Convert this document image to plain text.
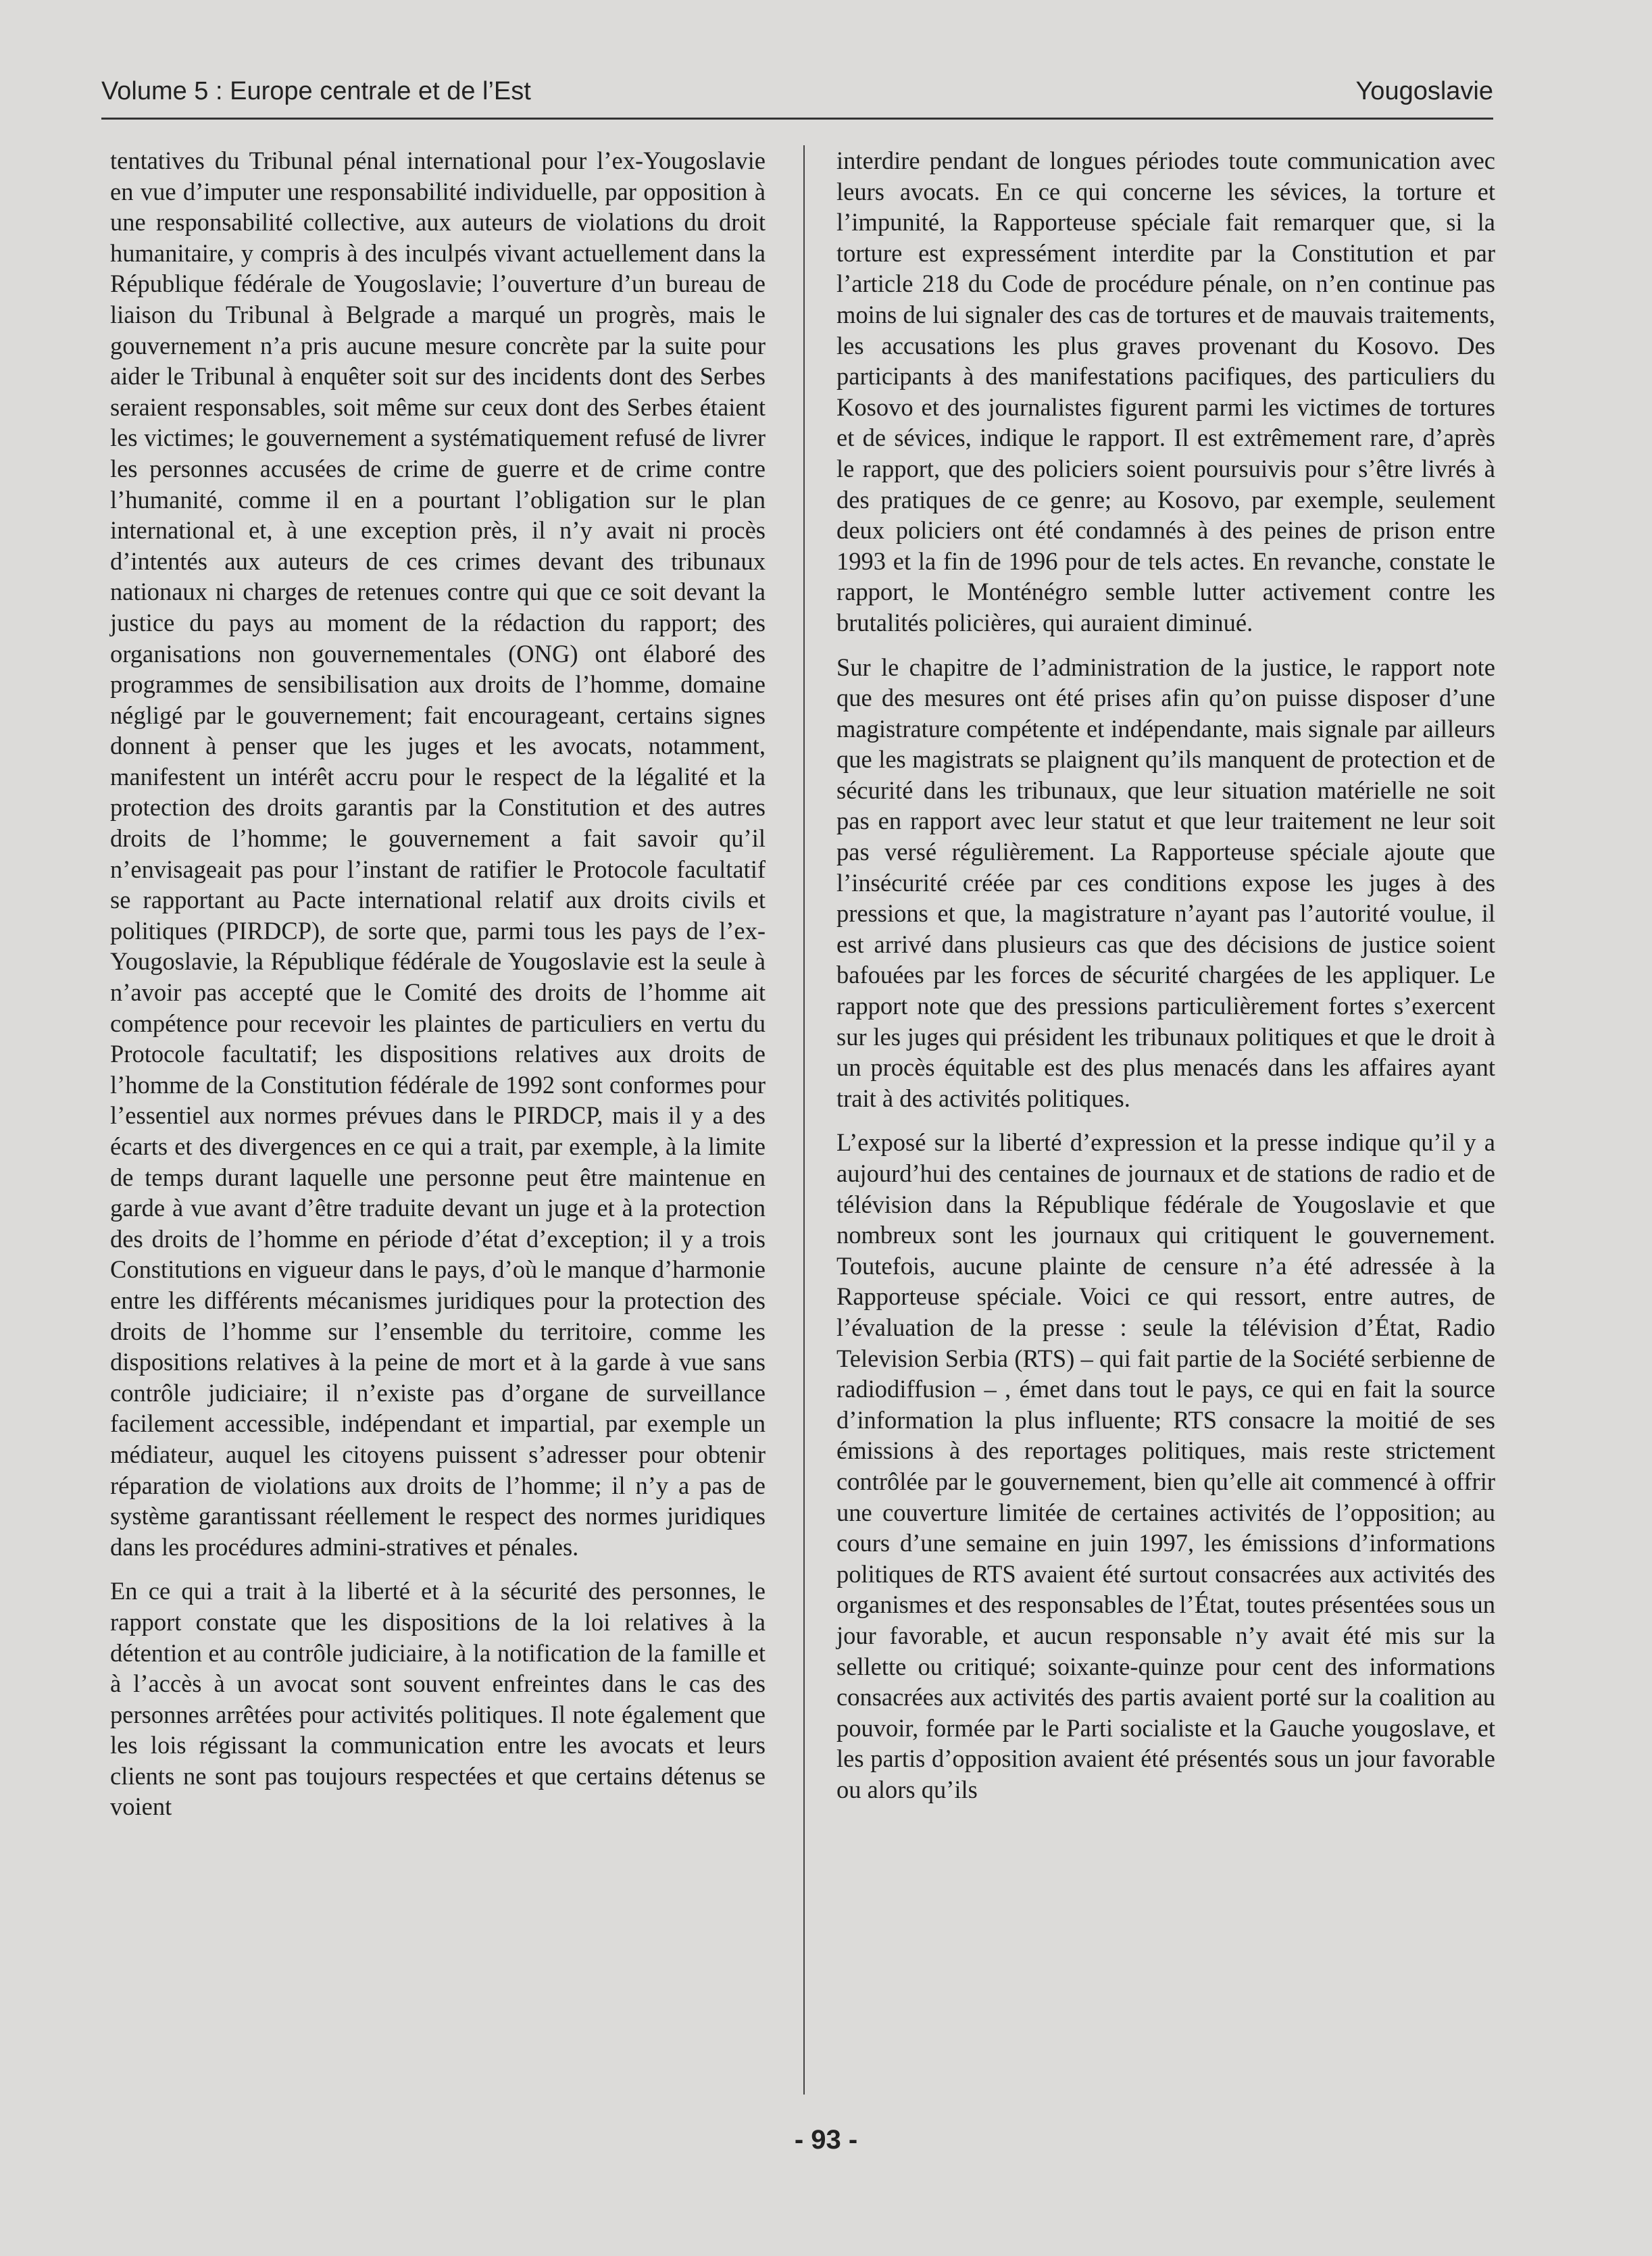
Volume 5 : Europe centrale et de l’Est	Yougoslavie

tentatives du Tribunal pénal international pour l’ex-Yougoslavie en vue d’imputer une responsabilité individuelle, par opposition à une responsabilité collective, aux auteurs de violations du droit humanitaire, y compris à des inculpés vivant actuellement dans la République fédérale de Yougoslavie; l’ouverture d’un bureau de liaison du Tribunal à Belgrade a marqué un progrès, mais le gouvernement n’a pris aucune mesure concrète par la suite pour aider le Tribunal à enquêter soit sur des incidents dont des Serbes seraient responsables, soit même sur ceux dont des Serbes étaient les victimes; le gouvernement a systématiquement refusé de livrer les personnes accusées de crime de guerre et de crime contre l’humanité, comme il en a pourtant l’obligation sur le plan international et, à une exception près, il n’y avait ni procès d’intentés aux auteurs de ces crimes devant des tribunaux nationaux ni charges de retenues contre qui que ce soit devant la justice du pays au moment de la rédaction du rapport; des organisations non gouvernementales (ONG) ont élaboré des programmes de sensibilisation aux droits de l’homme, domaine négligé par le gouvernement; fait encourageant, certains signes donnent à penser que les juges et les avocats, notamment, manifestent un intérêt accru pour le respect de la légalité et la protection des droits garantis par la Constitution et des autres droits de l’homme; le gouvernement a fait savoir qu’il n’envisageait pas pour l’instant de ratifier le Protocole facultatif se rapportant au Pacte international relatif aux droits civils et politiques (PIRDCP), de sorte que, parmi tous les pays de l’ex-Yougoslavie, la République fédérale de Yougoslavie est la seule à n’avoir pas accepté que le Comité des droits de l’homme ait compétence pour recevoir les plaintes de particuliers en vertu du Protocole facultatif; les dispositions relatives aux droits de l’homme de la Constitution fédérale de 1992 sont conformes pour l’essentiel aux normes prévues dans le PIRDCP, mais il y a des écarts et des divergences en ce qui a trait, par exemple, à la limite de temps durant laquelle une personne peut être maintenue en garde à vue avant d’être traduite devant un juge et à la protection des droits de l’homme en période d’état d’exception; il y a trois Constitutions en vigueur dans le pays, d’où le manque d’harmonie entre les différents mécanismes juridiques pour la protection des droits de l’homme sur l’ensemble du territoire, comme les dispositions relatives à la peine de mort et à la garde à vue sans contrôle judiciaire; il n’existe pas d’organe de surveillance facilement accessible, indépendant et impartial, par exemple un médiateur, auquel les citoyens puissent s’adresser pour obtenir réparation de violations aux droits de l’homme; il n’y a pas de système garantissant réellement le respect des normes juridiques dans les procédures admini-stratives et pénales.

En ce qui a trait à la liberté et à la sécurité des personnes, le rapport constate que les dispositions de la loi relatives à la détention et au contrôle judiciaire, à la notification de la famille et à l’accès à un avocat sont souvent enfreintes dans le cas des personnes arrêtées pour activités politiques. Il note également que les lois régissant la communication entre les avocats et leurs clients ne sont pas toujours respectées et que certains détenus se voient

interdire pendant de longues périodes toute communication avec leurs avocats. En ce qui concerne les sévices, la torture et l’impunité, la Rapporteuse spéciale fait remarquer que, si la torture est expressément interdite par la Constitution et par l’article 218 du Code de procédure pénale, on n’en continue pas moins de lui signaler des cas de tortures et de mauvais traitements, les accusations les plus graves provenant du Kosovo. Des participants à des manifestations pacifiques, des particuliers du Kosovo et des journalistes figurent parmi les victimes de tortures et de sévices, indique le rapport. Il est extrêmement rare, d’après le rapport, que des policiers soient poursuivis pour s’être livrés à des pratiques de ce genre; au Kosovo, par exemple, seulement deux policiers ont été condamnés à des peines de prison entre 1993 et la fin de 1996 pour de tels actes. En revanche, constate le rapport, le Monténégro semble lutter activement contre les brutalités policières, qui auraient diminué.

Sur le chapitre de l’administration de la justice, le rapport note que des mesures ont été prises afin qu’on puisse disposer d’une magistrature compétente et indépendante, mais signale par ailleurs que les magistrats se plaignent qu’ils manquent de protection et de sécurité dans les tribunaux, que leur situation matérielle ne soit pas en rapport avec leur statut et que leur traitement ne leur soit pas versé régulièrement. La Rapporteuse spéciale ajoute que l’insécurité créée par ces conditions expose les juges à des pressions et que, la magistrature n’ayant pas l’autorité voulue, il est arrivé dans plusieurs cas que des décisions de justice soient bafouées par les forces de sécurité chargées de les appliquer. Le rapport note que des pressions particulièrement fortes s’exercent sur les juges qui président les tribunaux politiques et que le droit à un procès équitable est des plus menacés dans les affaires ayant trait à des activités politiques.

L’exposé sur la liberté d’expression et la presse indique qu’il y a aujourd’hui des centaines de journaux et de stations de radio et de télévision dans la République fédérale de Yougoslavie et que nombreux sont les journaux qui critiquent le gouvernement. Toutefois, aucune plainte de censure n’a été adressée à la Rapporteuse spéciale. Voici ce qui ressort, entre autres, de l’évaluation de la presse : seule la télévision d’État, Radio Television Serbia (RTS) – qui fait partie de la Société serbienne de radiodiffusion – , émet dans tout le pays, ce qui en fait la source d’information la plus influente; RTS consacre la moitié de ses émissions à des reportages politiques, mais reste strictement contrôlée par le gouvernement, bien qu’elle ait commencé à offrir une couverture limitée de certaines activités de l’opposition; au cours d’une semaine en juin 1997, les émissions d’informations politiques de RTS avaient été surtout consacrées aux activités des organismes et des responsables de l’État, toutes présentées sous un jour favorable, et aucun responsable n’y avait été mis sur la sellette ou critiqué; soixante-quinze pour cent des informations consacrées aux activités des partis avaient porté sur la coalition au pouvoir, formée par le Parti socialiste et la Gauche yougoslave, et les partis d’opposition avaient été présentés sous un jour favorable ou alors qu’ils

- 93 -
